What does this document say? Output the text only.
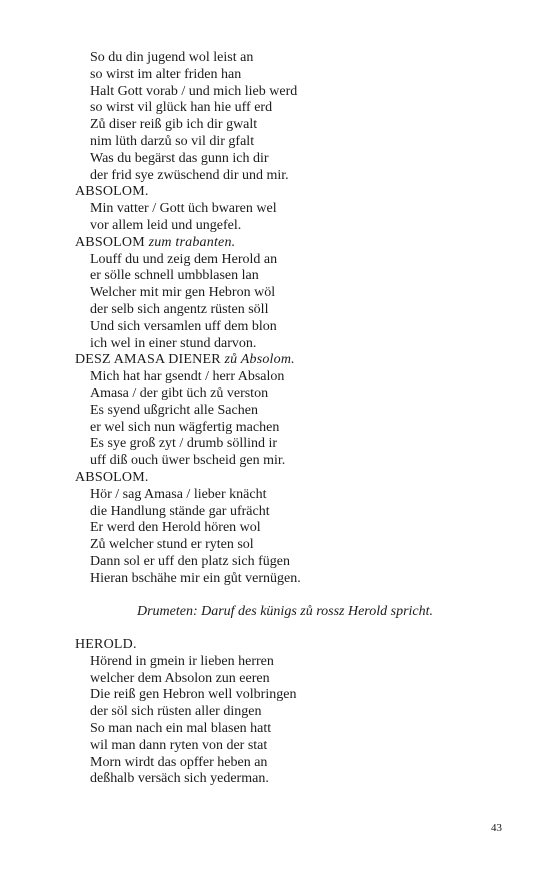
So du din jugend wol leist an
so wirst im alter friden han
Halt Gott vorab / und mich lieb werd
so wirst vil glück han hie uff erd
Zů diser reiß gib ich dir gwalt
nim lüth darzů so vil dir gfalt
Was du begärst das gunn ich dir
der frid sye zwüschend dir und mir.
ABSOLOM.
Min vatter / Gott üch bwaren wel
vor allem leid und ungefel.
ABSOLOM zum trabanten.
Louff du und zeig dem Herold an
er sölle schnell umbblasen lan
Welcher mit mir gen Hebron wöl
der selb sich angentz rüsten söll
Und sich versamlen uff dem blon
ich wel in einer stund darvon.
DESZ AMASA DIENER zů Absolom.
Mich hat har gsendt / herr Absalon
Amasa / der gibt üch zů verston
Es syend ußgricht alle Sachen
er wel sich nun wägfertig machen
Es sye groß zyt / drumb söllind ir
uff diß ouch üwer bscheid gen mir.
ABSOLOM.
Hör / sag Amasa / lieber knächt
die Handlung stände gar ufrächt
Er werd den Herold hören wol
Zů welcher stund er ryten sol
Dann sol er uff den platz sich fügen
Hieran bschähe mir ein gůt vernügen.
Drumeten: Daruf des künigs zů rossz Herold spricht.
HEROLD.
Hörend in gmein ir lieben herren
welcher dem Absolon zun eeren
Die reiß gen Hebron well volbringen
der söl sich rüsten aller dingen
So man nach ein mal blasen hatt
wil man dann ryten von der stat
Morn wirdt das opffer heben an
deßhalb versäch sich yederman.
43
